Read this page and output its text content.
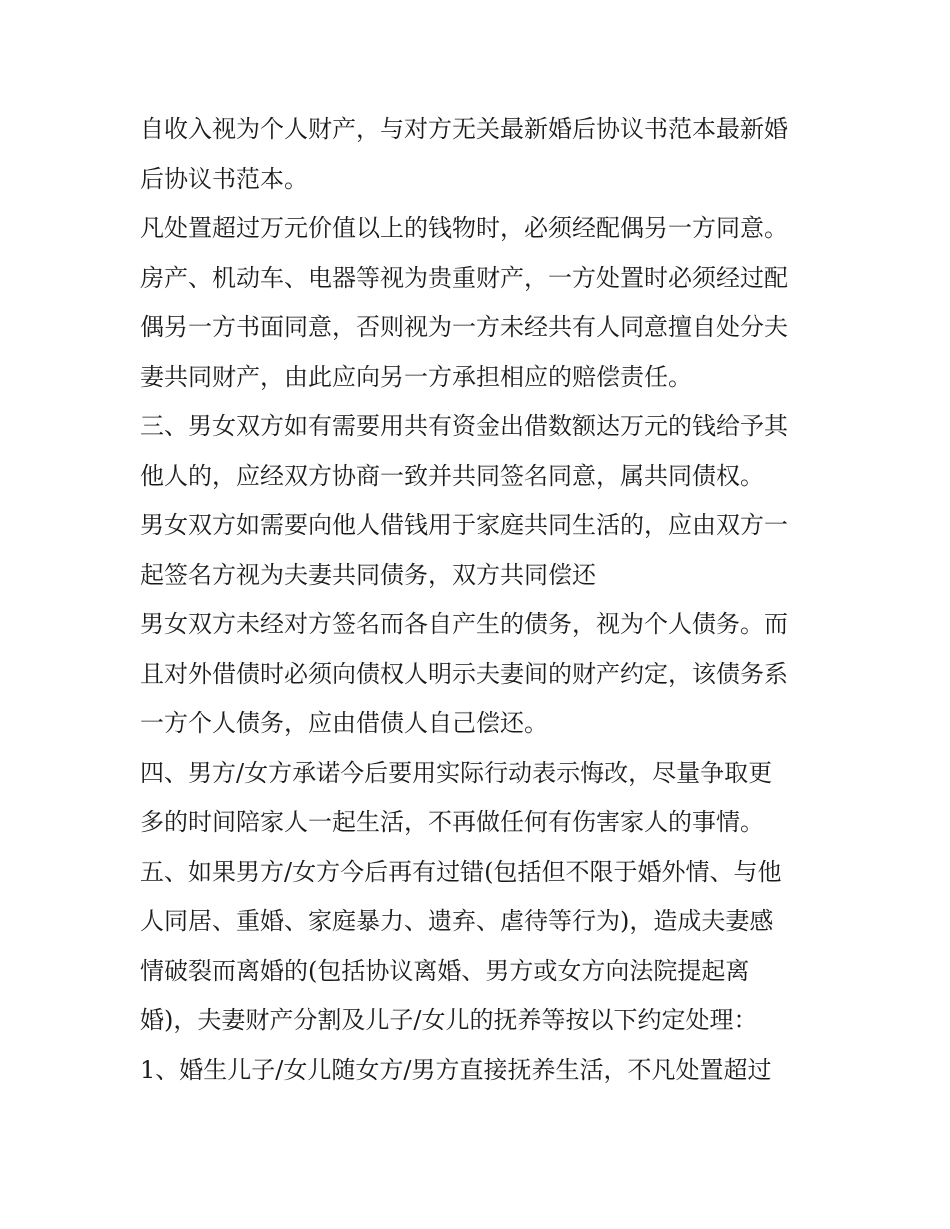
自收入视为个人财产，与对方无关最新婚后协议书范本最新婚
后协议书范本。
凡处置超过万元价值以上的钱物时，必须经配偶另一方同意。
房产、机动车、电器等视为贵重财产，一方处置时必须经过配
偶另一方书面同意，否则视为一方未经共有人同意擅自处分夫
妻共同财产，由此应向另一方承担相应的赔偿责任。
三、男女双方如有需要用共有资金出借数额达万元的钱给予其
他人的，应经双方协商一致并共同签名同意，属共同债权。
男女双方如需要向他人借钱用于家庭共同生活的，应由双方一
起签名方视为夫妻共同债务，双方共同偿还
男女双方未经对方签名而各自产生的债务，视为个人债务。而
且对外借债时必须向债权人明示夫妻间的财产约定，该债务系
一方个人债务，应由借债人自己偿还。
四、男方/女方承诺今后要用实际行动表示悔改，尽量争取更
多的时间陪家人一起生活，不再做任何有伤害家人的事情。
五、如果男方/女方今后再有过错(包括但不限于婚外情、与他
人同居、重婚、家庭暴力、遗弃、虐待等行为)，造成夫妻感
情破裂而离婚的(包括协议离婚、男方或女方向法院提起离
婚)，夫妻财产分割及儿子/女儿的抚养等按以下约定处理：
1、婚生儿子/女儿随女方/男方直接抚养生活，不凡处置超过
